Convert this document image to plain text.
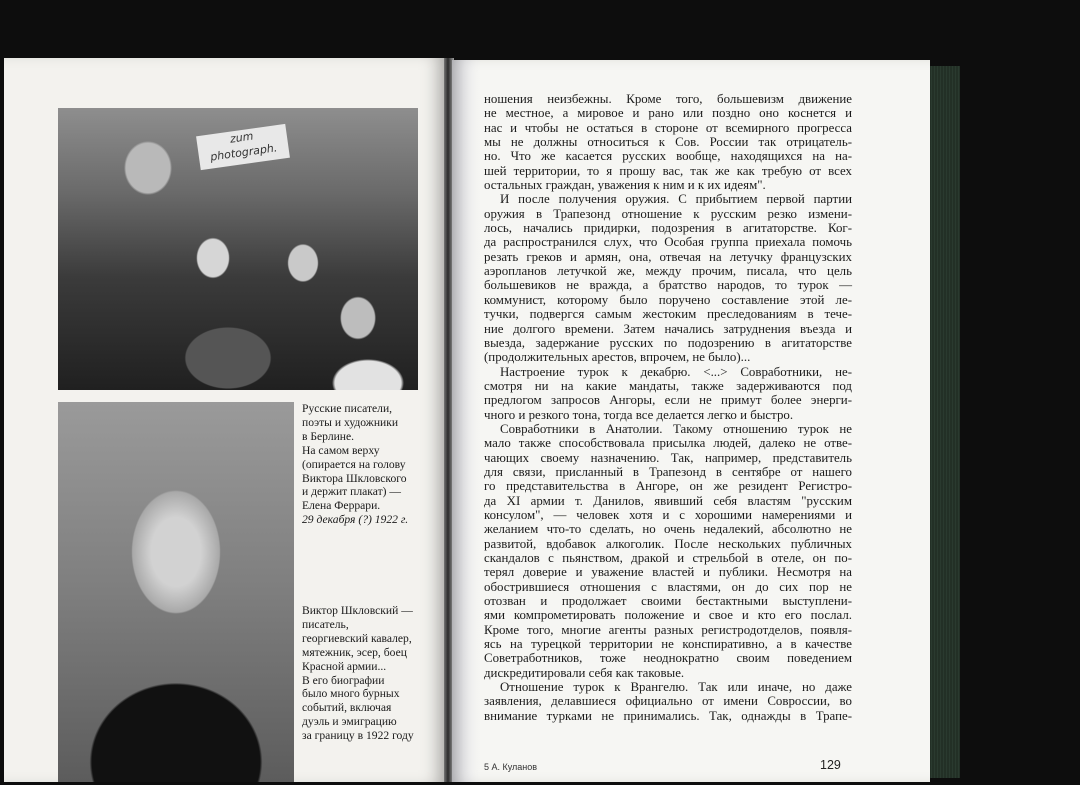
zum photograph.
Русские писатели,
поэты и художники
в Берлине.
На самом верху
(опирается на голову
Виктора Шкловского
и держит плакат) —
Елена Феррари.
29 декабря (?) 1922 г.
Виктор Шкловский —
писатель,
георгиевский кавалер,
мятежник, эсер, боец
Красной армии...
В его биографии
было много бурных
событий, включая
дуэль и эмиграцию
за границу в 1922 году
ношения неизбежны. Кроме того, большевизм движение
не местное, а мировое и рано или поздно оно коснется и
нас и чтобы не остаться в стороне от всемирного прогресса
мы не должны относиться к Сов. России так отрицатель-
но. Что же касается русских вообще, находящихся на на-
шей территории, то я прошу вас, так же как требую от всех
остальных граждан, уважения к ним и к их идеям".
И после получения оружия. С прибытием первой партии
оружия в Трапезонд отношение к русским резко измени-
лось, начались придирки, подозрения в агитаторстве. Ког-
да распространился слух, что Особая группа приехала помочь
резать греков и армян, она, отвечая на летучку французских
аэропланов летучкой же, между прочим, писала, что цель
большевиков не вражда, а братство народов, то турок —
коммунист, которому было поручено составление этой ле-
тучки, подвергся самым жестоким преследованиям в тече-
ние долгого времени. Затем начались затруднения въезда и
выезда, задержание русских по подозрению в агитаторстве
(продолжительных арестов, впрочем, не было)...
Настроение турок к декабрю. <...> Совработники, не-
смотря ни на какие мандаты, также задерживаются под
предлогом запросов Ангоры, если не примут более энерги-
чного и резкого тона, тогда все делается легко и быстро.
Совработники в Анатолии. Такому отношению турок не
мало также способствовала присылка людей, далеко не отве-
чающих своему назначению. Так, например, представитель
для связи, присланный в Трапезонд в сентябре от нашего
го представительства в Ангоре, он же резидент Регистро-
да XI армии т. Данилов, явивший себя властям "русским
консулом", — человек хотя и с хорошими намерениями и
желанием что-то сделать, но очень недалекий, абсолютно не
развитой, вдобавок алкоголик. После нескольких публичных
скандалов с пьянством, дракой и стрельбой в отеле, он по-
терял доверие и уважение властей и публики. Несмотря на
обострившиеся отношения с властями, он до сих пор не
отозван и продолжает своими бестактными выступлени-
ями компрометировать положение и свое и кто его послал.
Кроме того, многие агенты разных регистродотделов, появля-
ясь на турецкой территории не конспиративно, а в качестве
Советработников, тоже неоднократно своим поведением
дискредитировали себя как таковые.
Отношение турок к Врангелю. Так или иначе, но даже
заявления, делавшиеся официально от имени Совроссии, во
внимание турками не принимались. Так, однажды в Трапе-
5 А. Куланов	129
